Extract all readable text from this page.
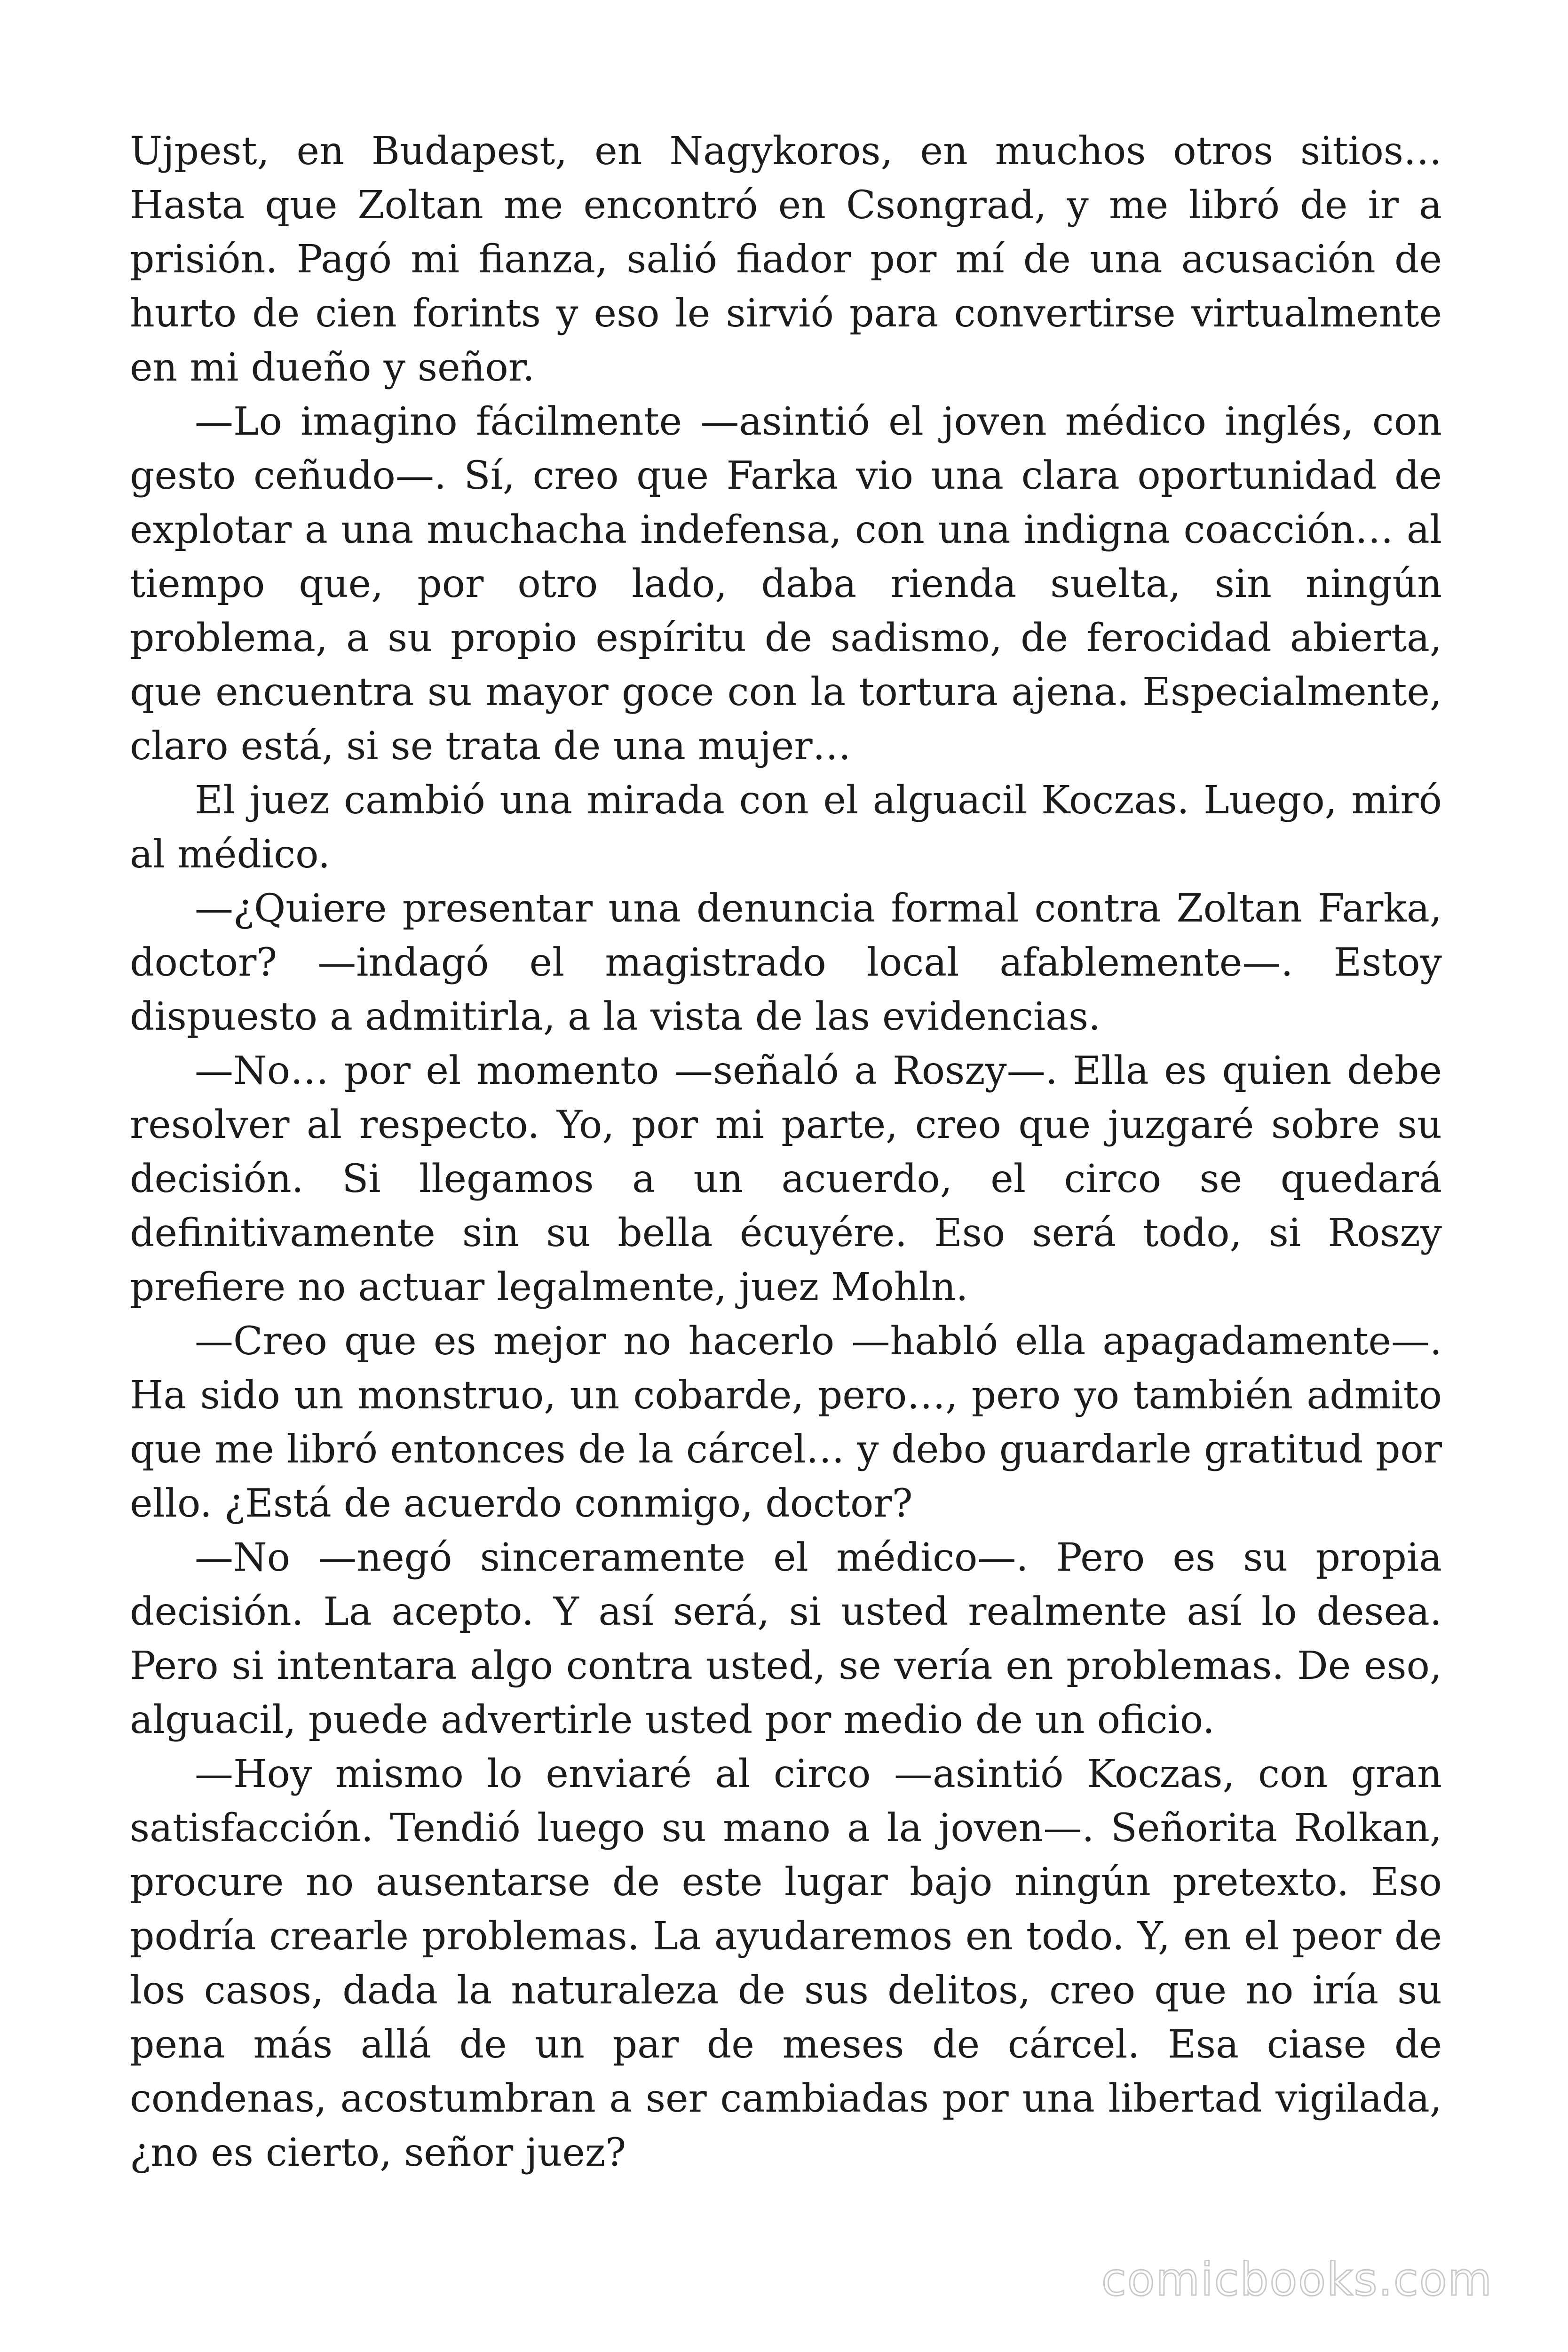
Ujpest, en Budapest, en Nagykoros, en muchos otros sitios… Hasta que Zoltan me encontró en Csongrad, y me libró de ir a prisión. Pagó mi fianza, salió fiador por mí de una acusación de hurto de cien forints y eso le sirvió para convertirse virtualmente en mi dueño y señor.

—Lo imagino fácilmente —asintió el joven médico inglés, con gesto ceñudo—. Sí, creo que Farka vio una clara oportunidad de explotar a una muchacha indefensa, con una indigna coacción… al tiempo que, por otro lado, daba rienda suelta, sin ningún problema, a su propio espíritu de sadismo, de ferocidad abierta, que encuentra su mayor goce con la tortura ajena. Especialmente, claro está, si se trata de una mujer…

El juez cambió una mirada con el alguacil Koczas. Luego, miró al médico.

—¿Quiere presentar una denuncia formal contra Zoltan Farka, doctor? —indagó el magistrado local afablemente—. Estoy dispuesto a admitirla, a la vista de las evidencias.

—No… por el momento —señaló a Roszy—. Ella es quien debe resolver al respecto. Yo, por mi parte, creo que juzgaré sobre su decisión. Si llegamos a un acuerdo, el circo se quedará definitivamente sin su bella écuyére. Eso será todo, si Roszy prefiere no actuar legalmente, juez Mohln.

—Creo que es mejor no hacerlo —habló ella apagadamente—. Ha sido un monstruo, un cobarde, pero…, pero yo también admito que me libró entonces de la cárcel… y debo guardarle gratitud por ello. ¿Está de acuerdo conmigo, doctor?

—No —negó sinceramente el médico—. Pero es su propia decisión. La acepto. Y así será, si usted realmente así lo desea. Pero si intentara algo contra usted, se vería en problemas. De eso, alguacil, puede advertirle usted por medio de un oficio.

—Hoy mismo lo enviaré al circo —asintió Koczas, con gran satisfacción. Tendió luego su mano a la joven—. Señorita Rolkan, procure no ausentarse de este lugar bajo ningún pretexto. Eso podría crearle problemas. La ayudaremos en todo. Y, en el peor de los casos, dada la naturaleza de sus delitos, creo que no iría su pena más allá de un par de meses de cárcel. Esa ciase de condenas, acostumbran a ser cambiadas por una libertad vigilada, ¿no es cierto, señor juez?

comicbooks.com
